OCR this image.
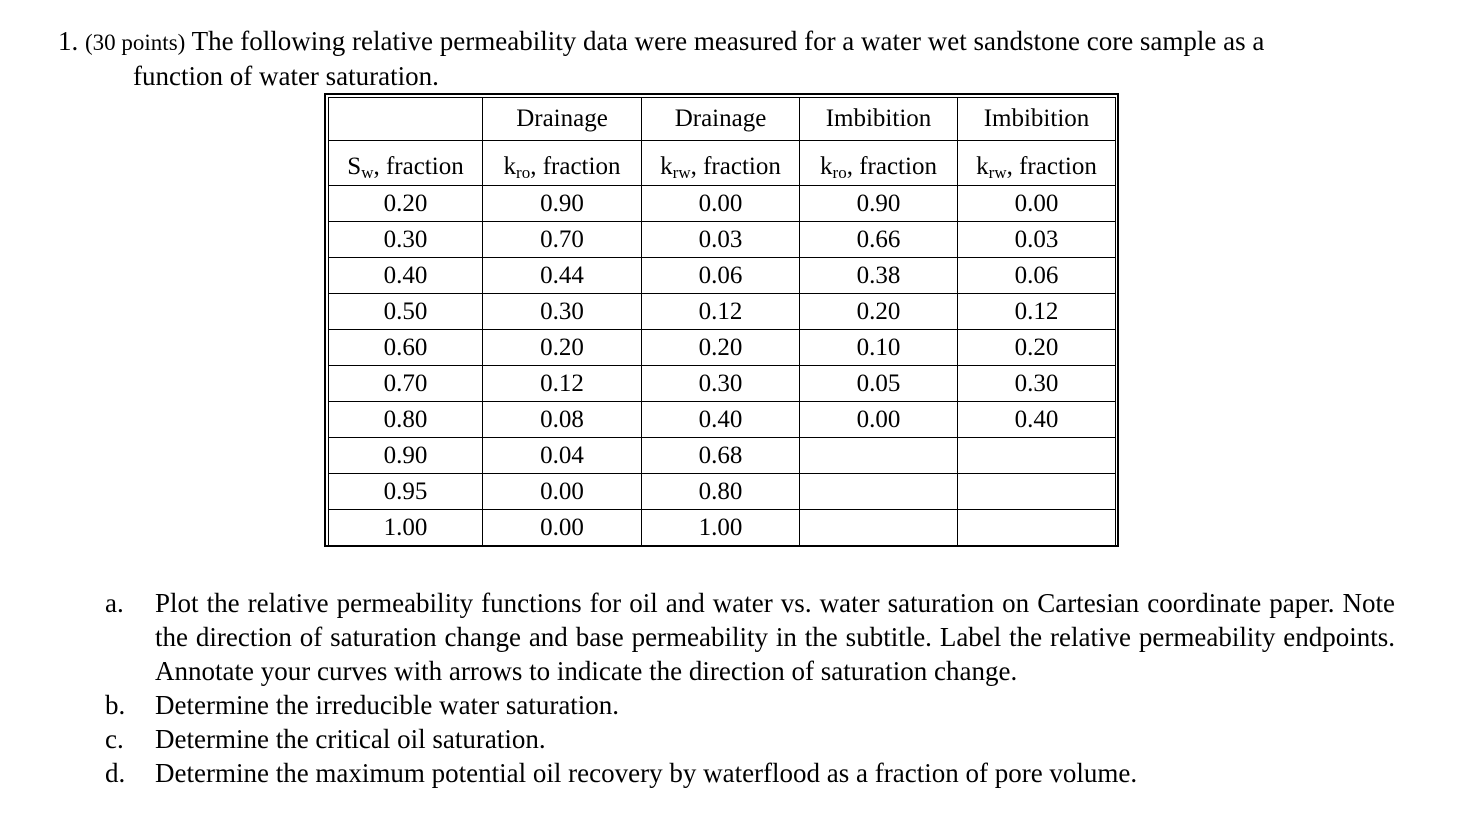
1. (30 points) The following relative permeability data were measured for a water wet sandstone core sample as a
function of water saturation.
	Drainage	Drainage	Imbibition	Imbibition
$S_w$, fraction	$k_{ro}$, fraction	$k_{rw}$, fraction	$k_{ro}$, fraction	$k_{rw}$, fraction
0.20	0.90	0.00	0.90	0.00
0.30	0.70	0.03	0.66	0.03
0.40	0.44	0.06	0.38	0.06
0.50	0.30	0.12	0.20	0.12
0.60	0.20	0.20	0.10	0.20
0.70	0.12	0.30	0.05	0.30
0.80	0.08	0.40	0.00	0.40
0.90	0.04	0.68		
0.95	0.00	0.80		
1.00	0.00	1.00		
a.	Plot the relative permeability functions for oil and water vs. water saturation on Cartesian coordinate paper. Note the direction of saturation change and base permeability in the subtitle. Label the relative permeability endpoints. Annotate your curves with arrows to indicate the direction of saturation change.
b.	Determine the irreducible water saturation.
c.	Determine the critical oil saturation.
d.	Determine the maximum potential oil recovery by waterflood as a fraction of pore volume.
